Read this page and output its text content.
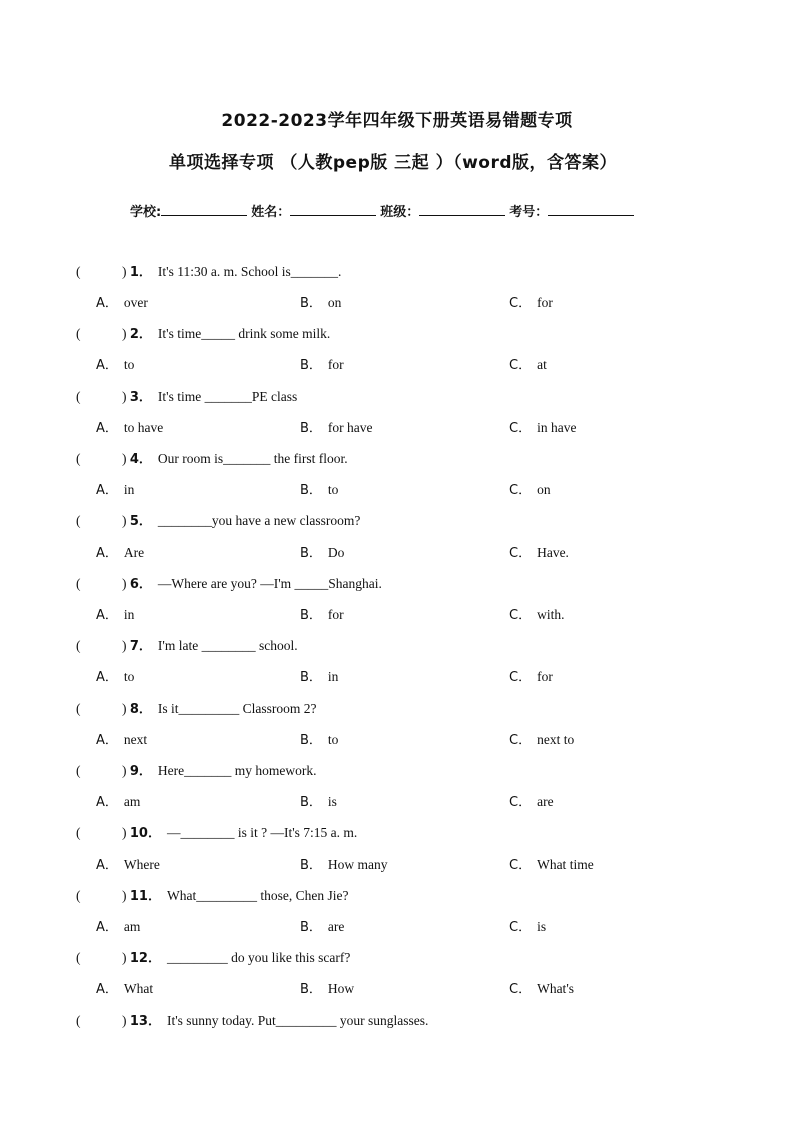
2022-2023学年四年级下册英语易错题专项
单项选择专项 （人教pep版 三起 ）（word版，含答案）
学校:	姓名：	班级：	考号：
(	) 1． It's 11:30 a. m. School is_______.
A． over	B． on	C． for
(	) 2． It's time_____ drink some milk.
A． to	B． for	C． at
(	) 3． It's time _______PE class
A． to have	B． for have	C． in have
(	) 4． Our room is_______ the first floor.
A． in	B． to	C． on
(	) 5． ________you have a new classroom?
A． Are	B． Do	C． Have.
(	) 6． —Where are you? —I'm _____Shanghai.
A． in	B． for	C． with.
(	) 7． I'm late ________ school.
A． to	B． in	C． for
(	) 8． Is it_________ Classroom 2?
A． next	B． to	C． next to
(	) 9． Here_______ my homework.
A． am	B． is	C． are
(	) 10． —________ is it ? —It's 7:15 a. m.
A． Where	B． How many	C． What time
(	) 11． What_________ those, Chen Jie?
A． am	B． are	C． is
(	) 12． _________ do you like this scarf?
A． What	B． How	C． What's
(	) 13． It's sunny today. Put_________ your sunglasses.
